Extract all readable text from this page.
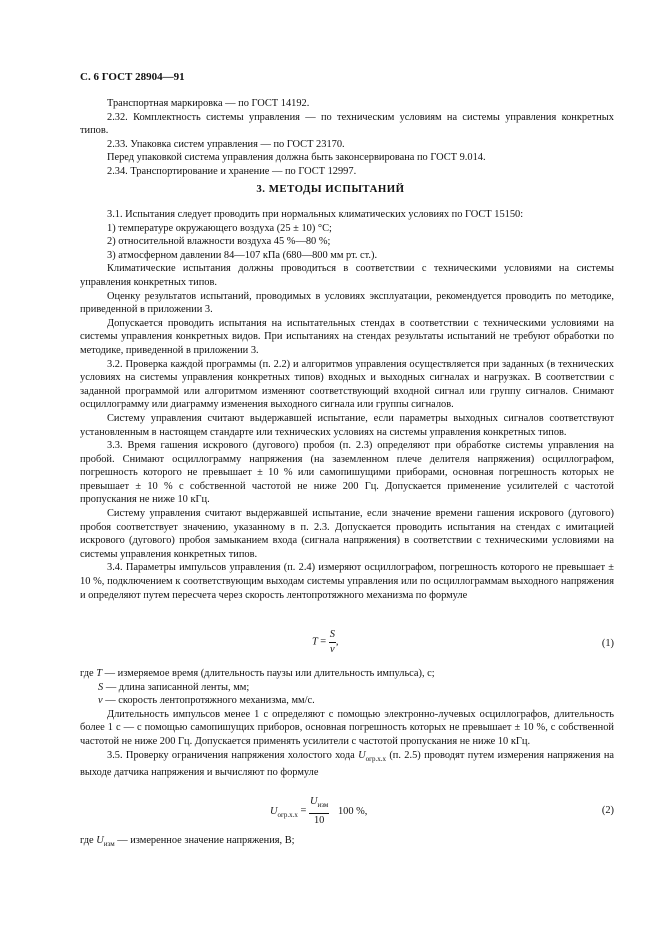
С. 6 ГОСТ 28904—91

Транспортная маркировка — по ГОСТ 14192.

2.32. Комплектность системы управления — по техническим условиям на системы управления конкретных типов.

2.33. Упаковка систем управления — по ГОСТ 23170.

Перед упаковкой система управления должна быть законсервирована по ГОСТ 9.014.

2.34. Транспортирование и хранение — по ГОСТ 12997.

3. МЕТОДЫ ИСПЫТАНИЙ

3.1. Испытания следует проводить при нормальных климатических условиях по ГОСТ 15150:

1) температуре окружающего воздуха (25 ± 10) °С;

2) относительной влажности воздуха 45 %—80 %;

3) атмосферном давлении 84—107 кПа (680—800 мм рт. ст.).

Климатические испытания должны проводиться в соответствии с техническими условиями на системы управления конкретных типов.

Оценку результатов испытаний, проводимых в условиях эксплуатации, рекомендуется проводить по методике, приведенной в приложении 3.

Допускается проводить испытания на испытательных стендах в соответствии с техническими условиями на системы управления конкретных видов. При испытаниях на стендах результаты испытаний не требуют обработки по методике, приведенной в приложении 3.

3.2. Проверка каждой программы (п. 2.2) и алгоритмов управления осуществляется при заданных (в технических условиях на системы управления конкретных типов) входных и выходных сигналах и нагрузках. В соответствии с заданной программой или алгоритмом изменяют соответствующий входной сигнал или группу сигналов. Снимают осциллограмму или диаграмму изменения выходного сигнала или группы сигналов.

Систему управления считают выдержавшей испытание, если параметры выходных сигналов соответствуют установленным в настоящем стандарте или технических условиях на системы управления конкретных типов.

3.3. Время гашения искрового (дугового) пробоя (п. 2.3) определяют при обработке системы управления на пробой. Снимают осциллограмму напряжения (на заземленном плече делителя напряжения) осциллографом, погрешность которого не превышает ± 10 % или самопишущими приборами, основная погрешность которых не превышает ± 10 % с собственной частотой не ниже 200 Гц. Допускается применение усилителей с частотой пропускания не ниже 10 кГц.

Систему управления считают выдержавшей испытание, если значение времени гашения искрового (дугового) пробоя соответствует значению, указанному в п. 2.3. Допускается проводить испытания на стендах с имитацией искрового (дугового) пробоя замыканием входа (сигнала напряжения) в соответствии с техническими условиями на системы управления конкретных типов.

3.4. Параметры импульсов управления (п. 2.4) измеряют осциллографом, погрешность которого не превышает ± 10 %, подключением к соответствующим выходам системы управления или по осциллограммам выходного напряжения и определяют путем пересчета через скорость лентопротяжного механизма по формуле

$T = \frac{S}{v}$ ,	(1)

где T — измеряемое время (длительность паузы или длительность импульса), с;

S — длина записанной ленты, мм;

v — скорость лентопротяжного механизма, мм/с.

Длительность импульсов менее 1 с определяют с помощью электронно-лучевых осциллографов, длительность более 1 с — с помощью самопишущих приборов, основная погрешность которых не превышает ± 10 %, с собственной частотой не ниже 200 Гц. Допускается применять усилители с частотой пропускания не ниже 10 кГц.

3.5. Проверку ограничения напряжения холостого хода $U_{огр.х.х}$ (п. 2.5) проводят путем измерения напряжения на выходе датчика напряжения и вычисляют по формуле

$U_{огр.х.х} = \frac{U_{изм}}{10} 100$ %,	(2)

где $U_{изм}$ — измеренное значение напряжения, В;
